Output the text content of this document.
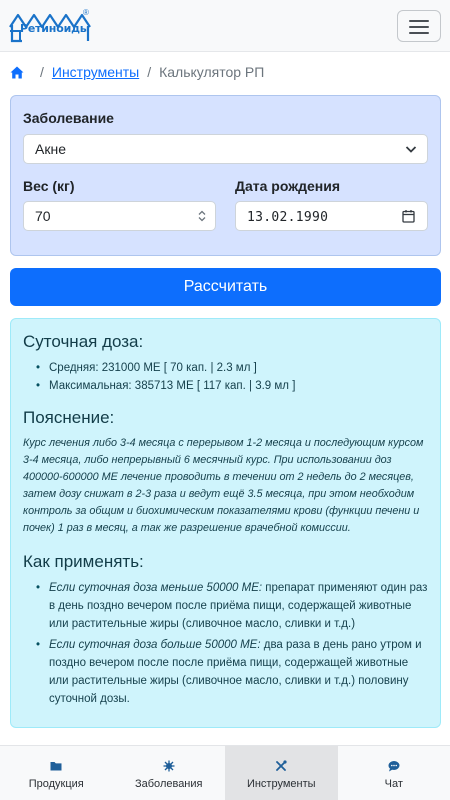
Ретиноиды
®
/ Инструменты / Калькулятор РП
Заболевание
Акне
Вес (кг)
70
Дата рождения
13.02.1990
Рассчитать
Суточная доза:
• Средняя: 231000 МЕ [ 70 кап. | 2.3 мл ]
• Максимальная: 385713 МЕ [ 117 кап. | 3.9 мл ]
Пояснение:

Курс лечения либо 3-4 месяца с перерывом 1-2 месяца и последующим курсом 3-4 месяца, либо непрерывный 6 месячный курс. При использовании доз 400000-600000 МЕ лечение проводить в течении от 2 недель до 2 месяцев, затем дозу снижат в 2-3 раза и ведут ещё 3.5 месяца, при этом необходим контроль за общим и биохимическим показателями крови (функции печени и почек) 1 раз в месяц, а так же разрешение врачебной комиссии.

Как применять:
• Если суточная доза меньше 50000 МЕ: препарат применяют один раз в день поздно вечером после приёма пищи, содержащей животные или растительные жиры (сливочное масло, сливки и т.д.)
• Если суточная доза больше 50000 МЕ: два раза в день рано утром и поздно вечером после после приёма пищи, содержащей животные или растительные жиры (сливочное масло, сливки и т.д.) половину суточной дозы.
Продукция	Заболевания	Инструменты	Чат
